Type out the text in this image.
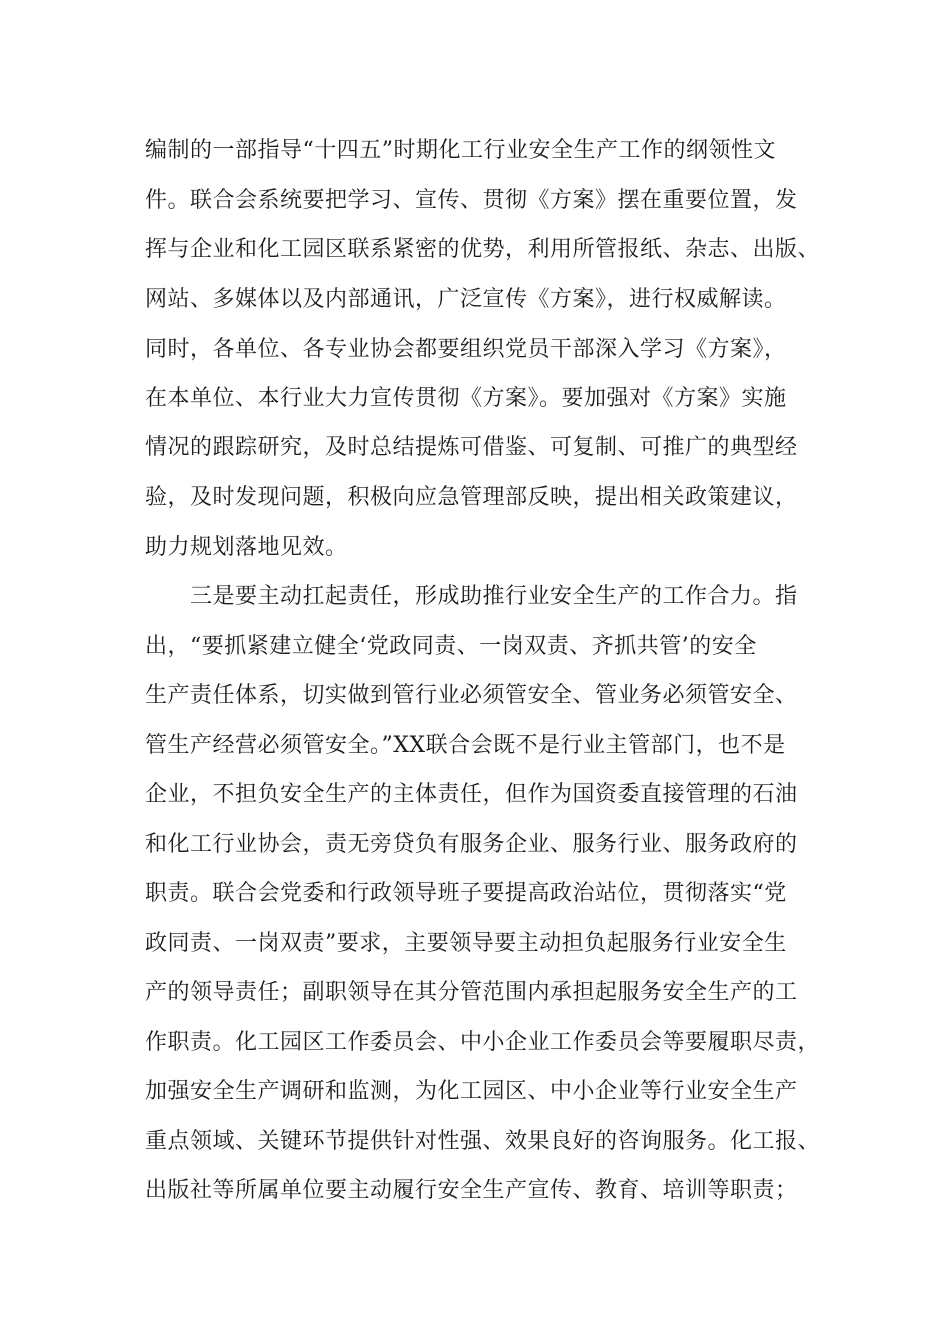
编制的一部指导“十四五”时期化工行业安全生产工作的纲领性文
件。联合会系统要把学习、宣传、贯彻《方案》摆在重要位置，发
挥与企业和化工园区联系紧密的优势，利用所管报纸、杂志、出版、
网站、多媒体以及内部通讯，广泛宣传《方案》，进行权威解读。
同时，各单位、各专业协会都要组织党员干部深入学习《方案》，
在本单位、本行业大力宣传贯彻《方案》。要加强对《方案》实施
情况的跟踪研究，及时总结提炼可借鉴、可复制、可推广的典型经
验，及时发现问题，积极向应急管理部反映，提出相关政策建议，
助力规划落地见效。
三是要主动扛起责任，形成助推行业安全生产的工作合力。指
出，“要抓紧建立健全‘党政同责、一岗双责、齐抓共管’的安全
生产责任体系，切实做到管行业必须管安全、管业务必须管安全、
管生产经营必须管安全。”XX联合会既不是行业主管部门，也不是
企业，不担负安全生产的主体责任，但作为国资委直接管理的石油
和化工行业协会，责无旁贷负有服务企业、服务行业、服务政府的
职责。联合会党委和行政领导班子要提高政治站位，贯彻落实“党
政同责、一岗双责”要求，主要领导要主动担负起服务行业安全生
产的领导责任；副职领导在其分管范围内承担起服务安全生产的工
作职责。化工园区工作委员会、中小企业工作委员会等要履职尽责，
加强安全生产调研和监测，为化工园区、中小企业等行业安全生产
重点领域、关键环节提供针对性强、效果良好的咨询服务。化工报、
出版社等所属单位要主动履行安全生产宣传、教育、培训等职责；
